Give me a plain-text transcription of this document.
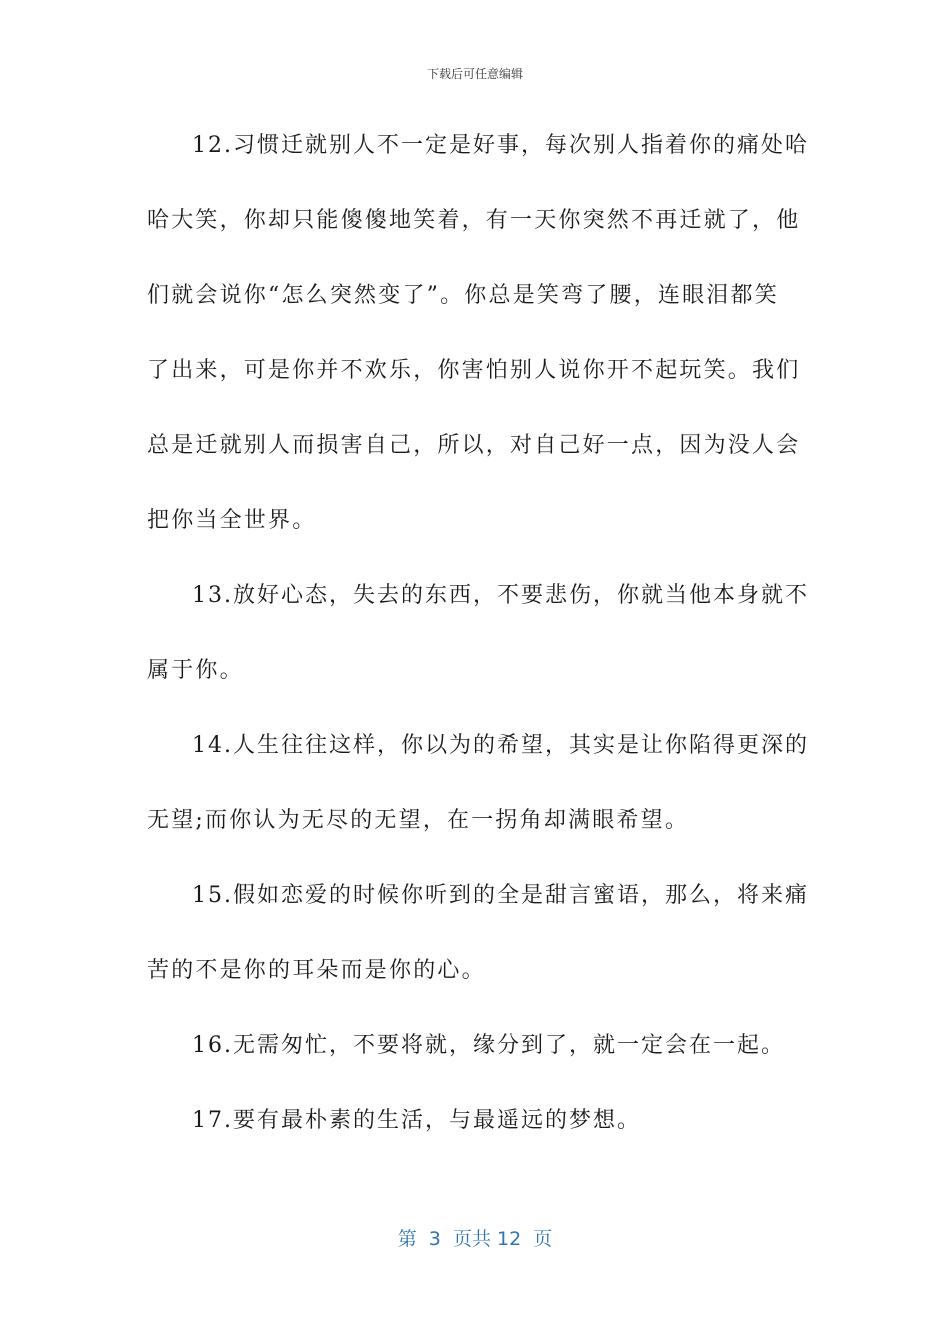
下载后可任意编辑
12.习惯迁就别人不一定是好事，每次别人指着你的痛处哈
哈大笑，你却只能傻傻地笑着，有一天你突然不再迁就了，他
们就会说你“怎么突然变了”。你总是笑弯了腰，连眼泪都笑
了出来，可是你并不欢乐，你害怕别人说你开不起玩笑。我们
总是迁就别人而损害自己，所以，对自己好一点，因为没人会
把你当全世界。
13.放好心态，失去的东西，不要悲伤，你就当他本身就不
属于你。
14.人生往往这样，你以为的希望，其实是让你陷得更深的
无望;而你认为无尽的无望，在一拐角却满眼希望。
15.假如恋爱的时候你听到的全是甜言蜜语，那么，将来痛
苦的不是你的耳朵而是你的心。
16.无需匆忙，不要将就，缘分到了，就一定会在一起。
17.要有最朴素的生活，与最遥远的梦想。
第  3  页共 12  页
